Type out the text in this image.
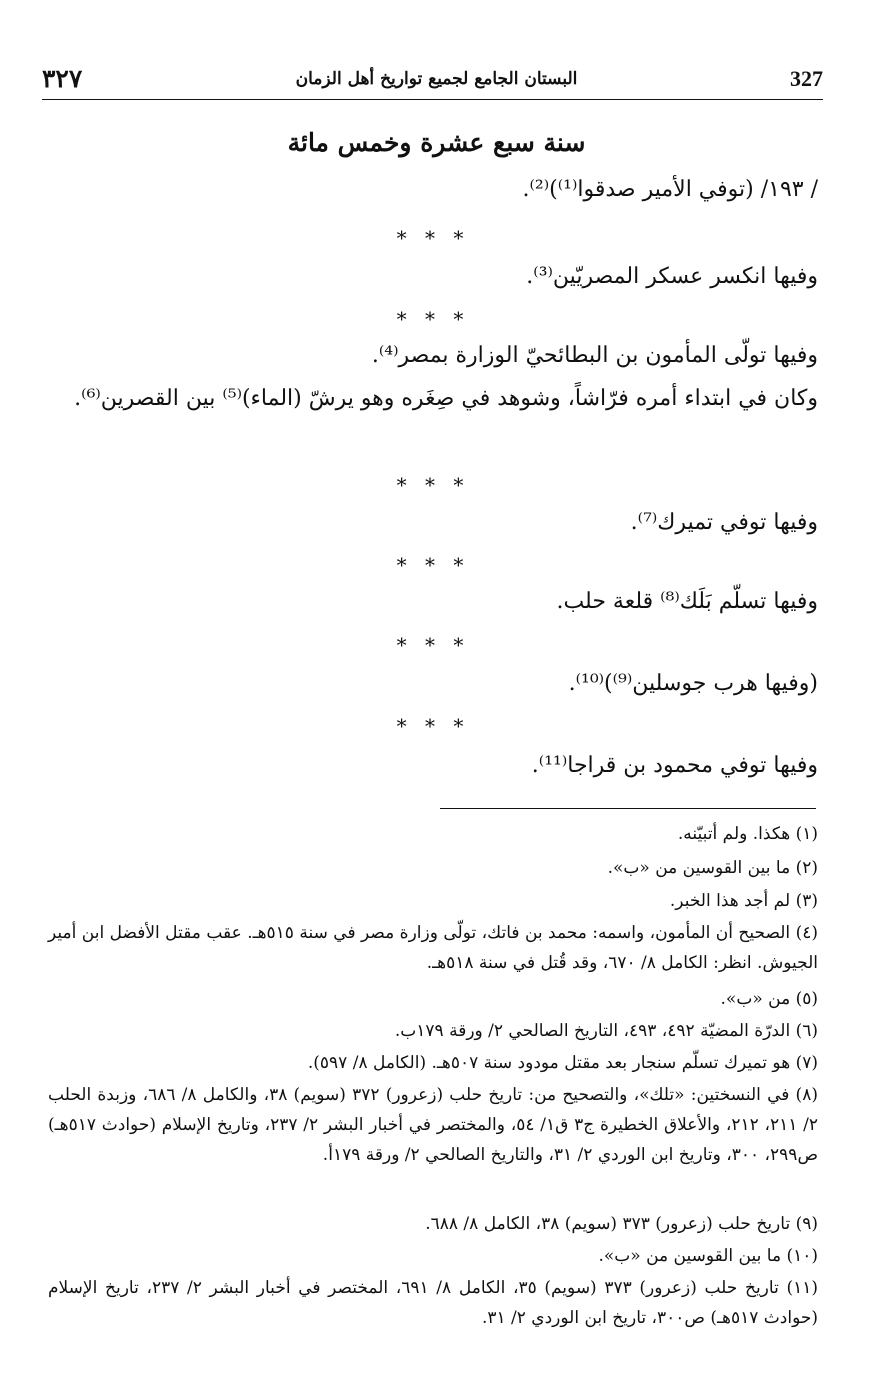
٣٢٧	البستان الجامع لجميع تواريخ أهل الزمان	327
سنة سبع عشرة وخمس مائة
/ ١٩٣/ (توفي الأمير صدقوا⁽¹⁾)⁽²⁾.
* * *
وفيها انكسر عسكر المصريّين⁽³⁾.
* * *
وفيها تولّى المأمون بن البطائحيّ الوزارة بمصر⁽⁴⁾.
وكان في ابتداء أمره فرّاشاً، وشوهد في صِغَره وهو يرشّ (الماء)⁽⁵⁾ بين القصرين⁽⁶⁾.
* * *
وفيها توفي تميرك⁽⁷⁾.
* * *
وفيها تسلّم بَلَك⁽⁸⁾ قلعة حلب.
* * *
(وفيها هرب جوسلين⁽⁹⁾)⁽¹⁰⁾.
* * *
وفيها توفي محمود بن قراجا⁽¹¹⁾.
(١) هكذا. ولم أتبيّنه.
(٢) ما بين القوسين من «ب».
(٣) لم أجد هذا الخبر.
(٤) الصحيح أن المأمون، واسمه: محمد بن فاتك، تولّى وزارة مصر في سنة ٥١٥هـ. عقب مقتل الأفضل ابن أمير الجيوش. انظر: الكامل ٨/ ٦٧٠، وقد قُتل في سنة ٥١٨هـ.
(٥) من «ب».
(٦) الدرّة المضيّة ٤٩٢، ٤٩٣، التاريخ الصالحي ٢/ ورقة ١٧٩ب.
(٧) هو تميرك تسلّم سنجار بعد مقتل مودود سنة ٥٠٧هـ. (الكامل ٨/ ٥٩٧).
(٨) في النسختين: «تلك»، والتصحيح من: تاريخ حلب (زعرور) ٣٧٢ (سويم) ٣٨، والكامل ٨/ ٦٨٦، وزبدة الحلب ٢/ ٢١١، ٢١٢، والأعلاق الخطيرة ج٣ ق١/ ٥٤، والمختصر في أخبار البشر ٢/ ٢٣٧، وتاريخ الإسلام (حوادث ٥١٧هـ) ص٢٩٩، ٣٠٠، وتاريخ ابن الوردي ٢/ ٣١، والتاريخ الصالحي ٢/ ورقة ١٧٩أ.
(٩) تاريخ حلب (زعرور) ٣٧٣ (سويم) ٣٨، الكامل ٨/ ٦٨٨.
(١٠) ما بين القوسين من «ب».
(١١) تاريخ حلب (زعرور) ٣٧٣ (سويم) ٣٥، الكامل ٨/ ٦٩١، المختصر في أخبار البشر ٢/ ٢٣٧، تاريخ الإسلام (حوادث ٥١٧هـ) ص٣٠٠، تاريخ ابن الوردي ٢/ ٣١.
